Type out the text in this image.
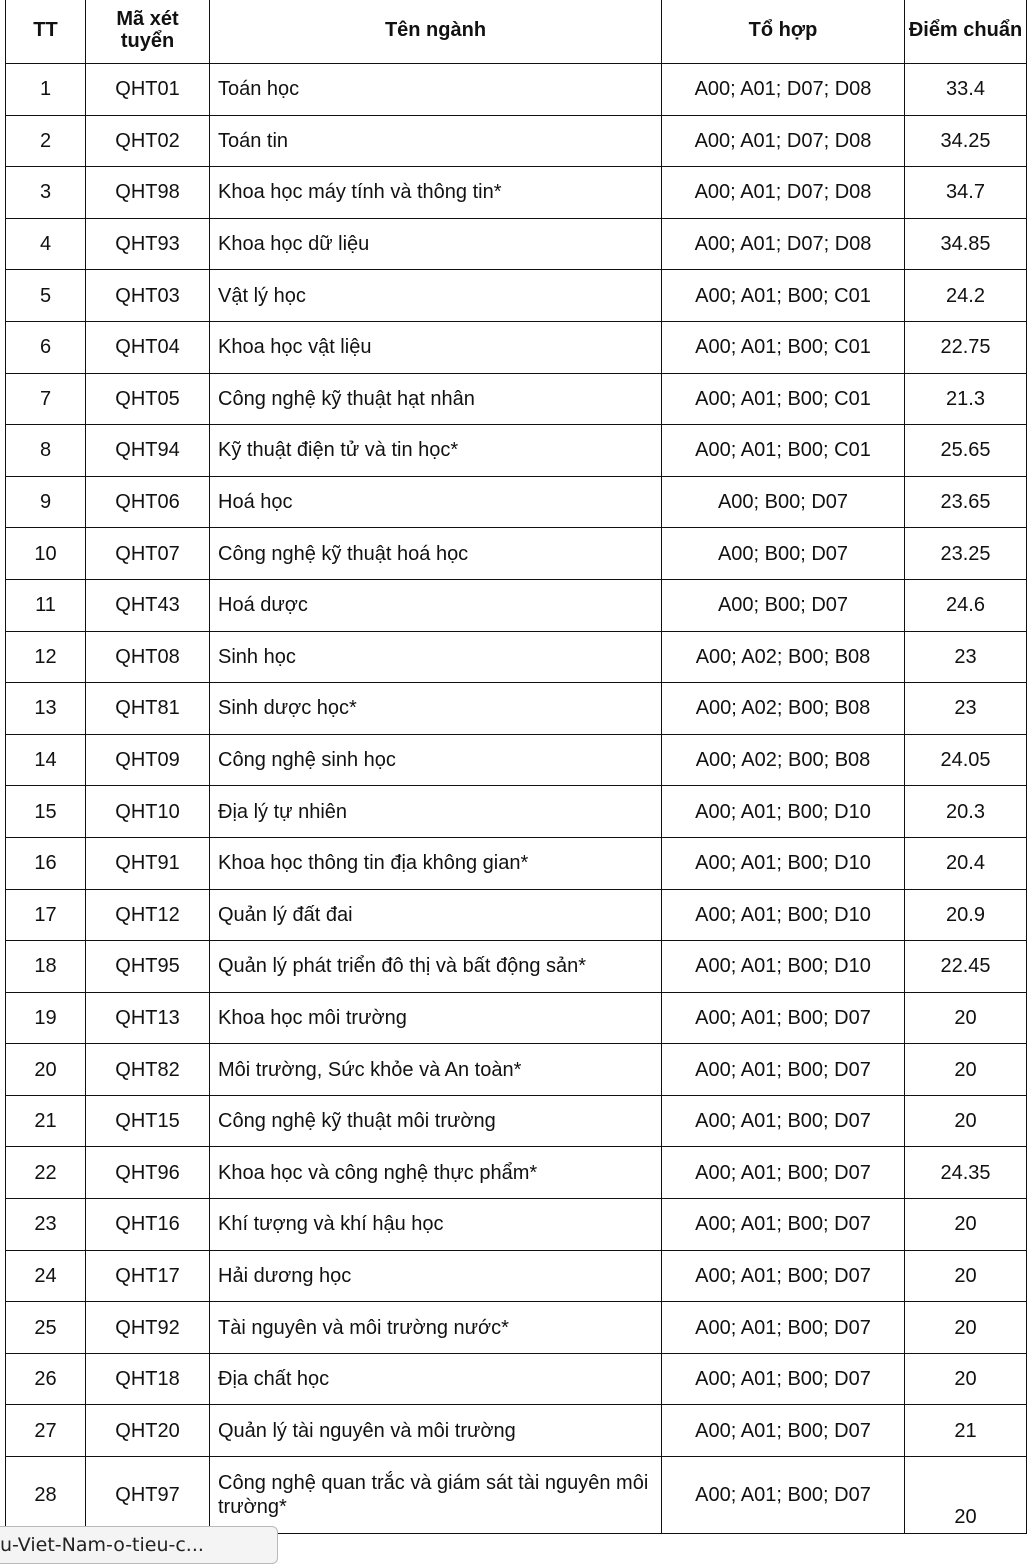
TT	Mã xét tuyển	Tên ngành	Tổ hợp	Điểm chuẩn
1	QHT01	Toán học	A00; A01; D07; D08	33.4
2	QHT02	Toán tin	A00; A01; D07; D08	34.25
3	QHT98	Khoa học máy tính và thông tin*	A00; A01; D07; D08	34.7
4	QHT93	Khoa học dữ liệu	A00; A01; D07; D08	34.85
5	QHT03	Vật lý học	A00; A01; B00; C01	24.2
6	QHT04	Khoa học vật liệu	A00; A01; B00; C01	22.75
7	QHT05	Công nghệ kỹ thuật hạt nhân	A00; A01; B00; C01	21.3
8	QHT94	Kỹ thuật điện tử và tin học*	A00; A01; B00; C01	25.65
9	QHT06	Hoá học	A00; B00; D07	23.65
10	QHT07	Công nghệ kỹ thuật hoá học	A00; B00; D07	23.25
11	QHT43	Hoá dược	A00; B00; D07	24.6
12	QHT08	Sinh học	A00; A02; B00; B08	23
13	QHT81	Sinh dược học*	A00; A02; B00; B08	23
14	QHT09	Công nghệ sinh học	A00; A02; B00; B08	24.05
15	QHT10	Địa lý tự nhiên	A00; A01; B00; D10	20.3
16	QHT91	Khoa học thông tin địa không gian*	A00; A01; B00; D10	20.4
17	QHT12	Quản lý đất đai	A00; A01; B00; D10	20.9
18	QHT95	Quản lý phát triển đô thị và bất động sản*	A00; A01; B00; D10	22.45
19	QHT13	Khoa học môi trường	A00; A01; B00; D07	20
20	QHT82	Môi trường, Sức khỏe và An toàn*	A00; A01; B00; D07	20
21	QHT15	Công nghệ kỹ thuật môi trường	A00; A01; B00; D07	20
22	QHT96	Khoa học và công nghệ thực phẩm*	A00; A01; B00; D07	24.35
23	QHT16	Khí tượng và khí hậu học	A00; A01; B00; D07	20
24	QHT17	Hải dương học	A00; A01; B00; D07	20
25	QHT92	Tài nguyên và môi trường nước*	A00; A01; B00; D07	20
26	QHT18	Địa chất học	A00; A01; B00; D07	20
27	QHT20	Quản lý tài nguyên và môi trường	A00; A01; B00; D07	21
28	QHT97	Công nghệ quan trắc và giám sát tài nguyên môi trường*	A00; A01; B00; D07	20
u-Viet-Nam-o-tieu-c...
